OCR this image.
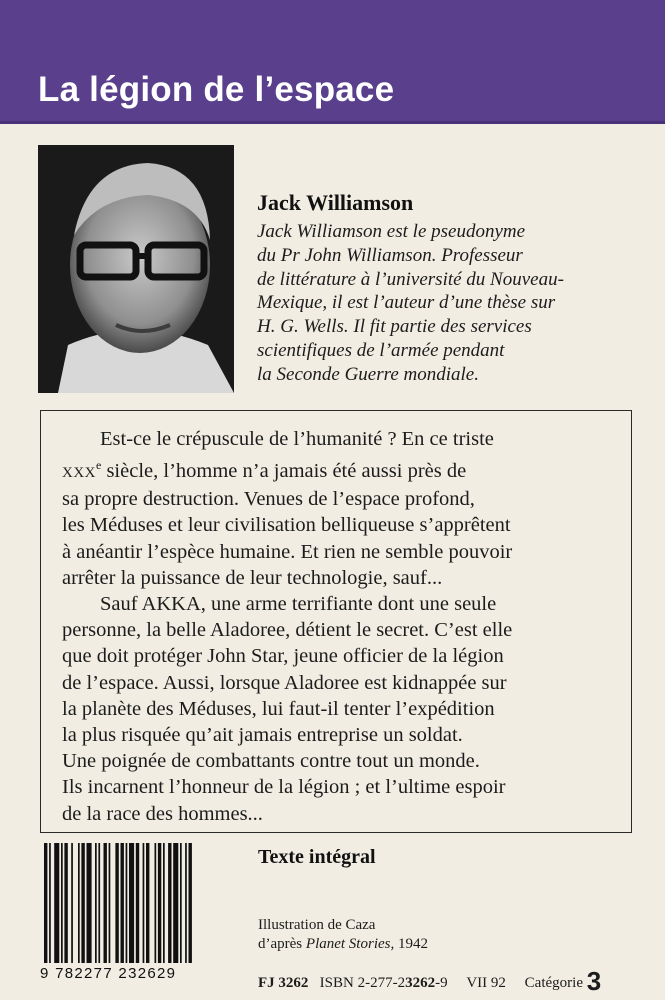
La légion de l’espace
Jack Williamson
Jack Williamson est le pseudonyme
du Pr John Williamson. Professeur
de littérature à l’université du Nouveau-
Mexique, il est l’auteur d’une thèse sur
H. G. Wells. Il fit partie des services
scientifiques de l’armée pendant
la Seconde Guerre mondiale.
Est-ce le crépuscule de l’humanité ? En ce triste
XXXe siècle, l’homme n’a jamais été aussi près de
sa propre destruction. Venues de l’espace profond,
les Méduses et leur civilisation belliqueuse s’apprêtent
à anéantir l’espèce humaine. Et rien ne semble pouvoir
arrêter la puissance de leur technologie, sauf...
Sauf AKKA, une arme terrifiante dont une seule
personne, la belle Aladoree, détient le secret. C’est elle
que doit protéger John Star, jeune officier de la légion
de l’espace. Aussi, lorsque Aladoree est kidnappée sur
la planète des Méduses, lui faut-il tenter l’expédition
la plus risquée qu’ait jamais entreprise un soldat.
Une poignée de combattants contre tout un monde.
Ils incarnent l’honneur de la légion ; et l’ultime espoir
de la race des hommes...
9 782277 232629
Texte intégral
Illustration de Caza
d’après Planet Stories, 1942
FJ 3262 ISBN 2-277-23262-9 VII 92 Catégorie 3
